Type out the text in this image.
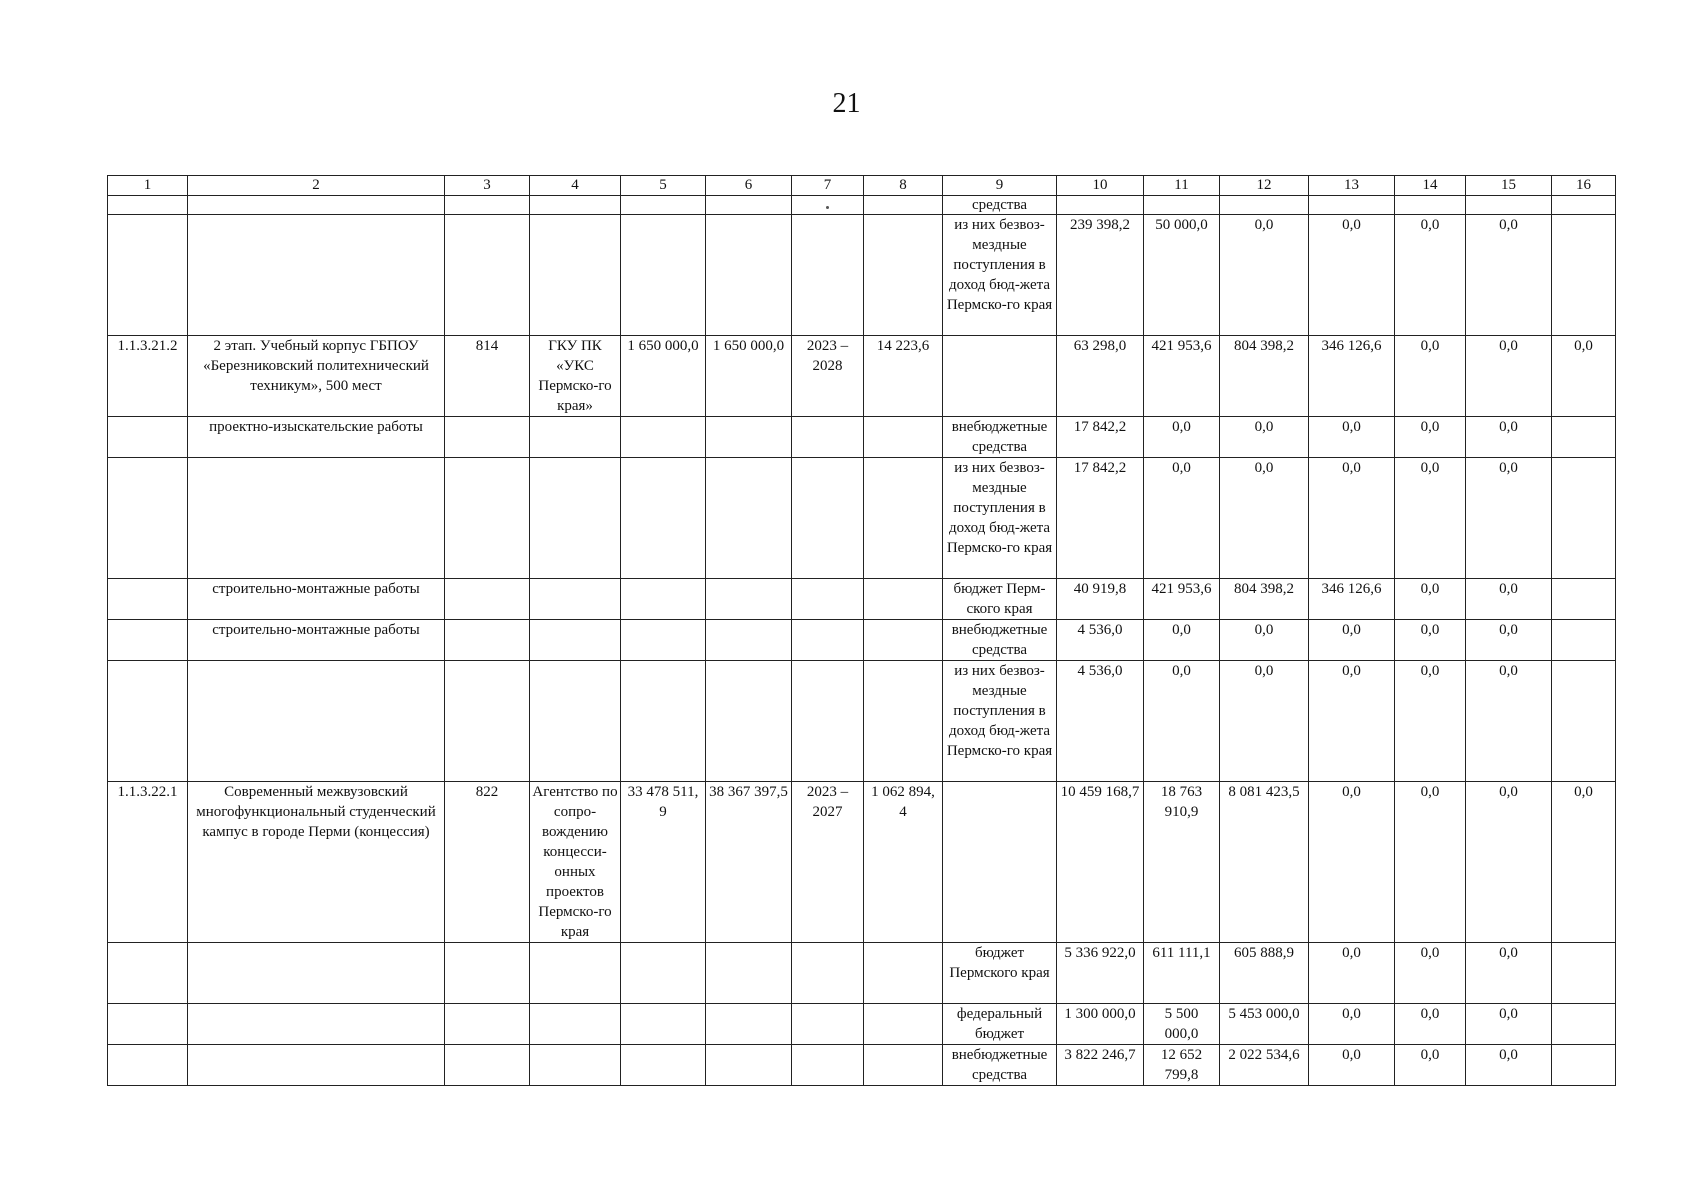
21
1	2	3	4	5	6	7	8	9	10	11	12	13	14	15	16
								средства							
								из них безвоз-мездные поступления в доход бюд-жета Пермско-го края	239 398,2	50 000,0	0,0	0,0	0,0	0,0	
1.1.3.21.2	2 этап. Учебный корпус ГБПОУ «Березниковский политехнический техникум», 500 мест	814	ГКУ ПК «УКС Пермско-го края»	1 650 000,0	1 650 000,0	2023 – 2028	14 223,6		63 298,0	421 953,6	804 398,2	346 126,6	0,0	0,0	0,0
	проектно-изыскательские работы							внебюджетные средства	17 842,2	0,0	0,0	0,0	0,0	0,0	
								из них безвоз-мездные поступления в доход бюд-жета Пермско-го края	17 842,2	0,0	0,0	0,0	0,0	0,0	
	строительно-монтажные работы							бюджет Перм-ского края	40 919,8	421 953,6	804 398,2	346 126,6	0,0	0,0	
	строительно-монтажные работы							внебюджетные средства	4 536,0	0,0	0,0	0,0	0,0	0,0	
								из них безвоз-мездные поступления в доход бюд-жета Пермско-го края	4 536,0	0,0	0,0	0,0	0,0	0,0	
1.1.3.22.1	Современный межвузовский многофункциональный студенческий кампус в городе Перми (концессия)	822	Агентство по сопро-вождению концесси-онных проектов Пермско-го края	33 478 511, 9	38 367 397,5	2023 – 2027	1 062 894, 4		10 459 168,7	18 763 910,9	8 081 423,5	0,0	0,0	0,0	0,0
								бюджет Пермского края	5 336 922,0	611 111,1	605 888,9	0,0	0,0	0,0	
								федеральный бюджет	1 300 000,0	5 500 000,0	5 453 000,0	0,0	0,0	0,0	
								внебюджетные средства	3 822 246,7	12 652 799,8	2 022 534,6	0,0	0,0	0,0	
